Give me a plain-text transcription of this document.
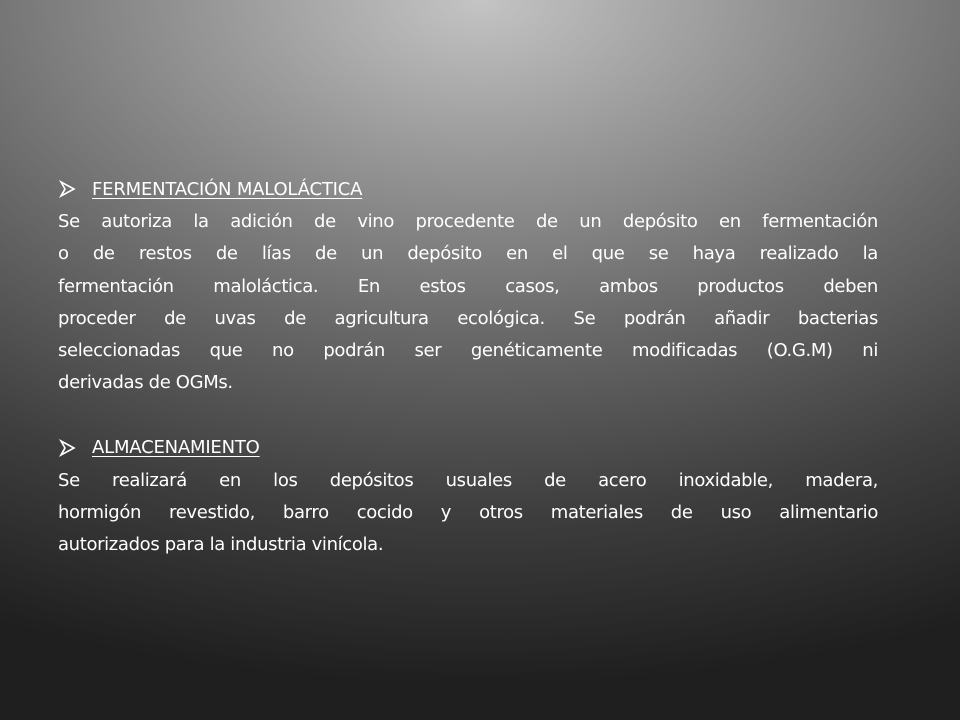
FERMENTACIÓN MALOLÁCTICA
Se autoriza la adición de vino procedente de un depósito en fermentación
o de restos de lías de un depósito en el que se haya realizado la
fermentación maloláctica. En estos casos, ambos productos deben
proceder de uvas de agricultura ecológica. Se podrán añadir bacterias
seleccionadas que no podrán ser genéticamente modificadas (O.G.M) ni
derivadas de OGMs.
ALMACENAMIENTO
Se realizará en los depósitos usuales de acero inoxidable, madera,
hormigón revestido, barro cocido y otros materiales de uso alimentario
autorizados para la industria vinícola.
